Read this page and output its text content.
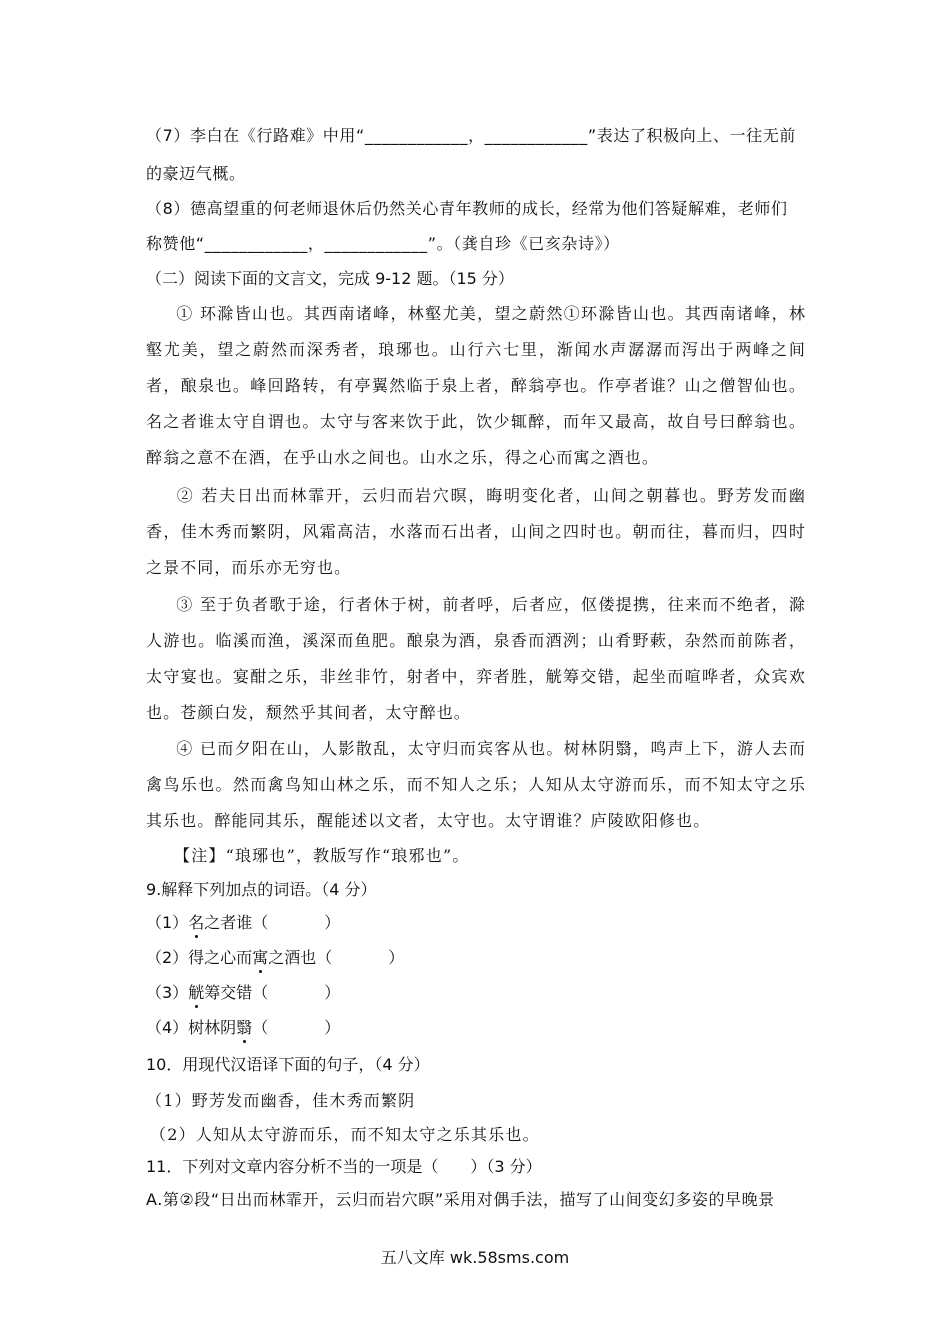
（7）李白在《行路难》中用“____________，____________”表达了积极向上、一往无前
的豪迈气概。
（8）德高望重的何老师退休后仍然关心青年教师的成长，经常为他们答疑解难，老师们
称赞他“____________，____________”。（龚自珍《已亥杂诗》）
（二）阅读下面的文言文，完成 9-12 题。（15 分）
① 环滁皆山也。其西南诸峰，林壑尤美，望之蔚然①环滁皆山也。其西南诸峰，林壑尤美，望之蔚然而深秀者，琅琊也。山行六七里，渐闻水声潺潺而泻出于两峰之间者，酿泉也。峰回路转，有亭翼然临于泉上者，醉翁亭也。作亭者谁？山之僧智仙也。名之者谁太守自谓也。太守与客来饮于此，饮少辄醉，而年又最高，故自号曰醉翁也。醉翁之意不在酒，在乎山水之间也。山水之乐，得之心而寓之酒也。
② 若夫日出而林霏开，云归而岩穴暝，晦明变化者，山间之朝暮也。野芳发而幽香，佳木秀而繁阴，风霜高洁，水落而石出者，山间之四时也。朝而往，暮而归，四时之景不同，而乐亦无穷也。
③ 至于负者歌于途，行者休于树，前者呼，后者应，伛偻提携，往来而不绝者，滁人游也。临溪而渔，溪深而鱼肥。酿泉为酒，泉香而酒洌；山肴野蔌，杂然而前陈者，太守宴也。宴酣之乐，非丝非竹，射者中，弈者胜，觥筹交错，起坐而喧哗者，众宾欢也。苍颜白发，颓然乎其间者，太守醉也。
④ 已而夕阳在山，人影散乱，太守归而宾客从也。树林阴翳，鸣声上下，游人去而禽鸟乐也。然而禽鸟知山林之乐，而不知人之乐；人知从太守游而乐，而不知太守之乐其乐也。醉能同其乐，醒能述以文者，太守也。太守谓谁？庐陵欧阳修也。
【注】“琅琊也”，教版写作“琅邪也”。
9.解释下列加点的词语。（4 分）
（1）名之者谁（	）
（2）得之心而寓之酒也（	）
（3）觥筹交错（	）
（4）树林阴翳（	）
10．用现代汉语译下面的句子，（4 分）
（1）野芳发而幽香，佳木秀而繁阴
（2）人知从太守游而乐，而不知太守之乐其乐也。
11．下列对文章内容分析不当的一项是（　　）（3 分）
A.第②段“日出而林霏开，云归而岩穴暝”采用对偶手法，描写了山间变幻多姿的早晚景
五八文库 wk.58sms.com
